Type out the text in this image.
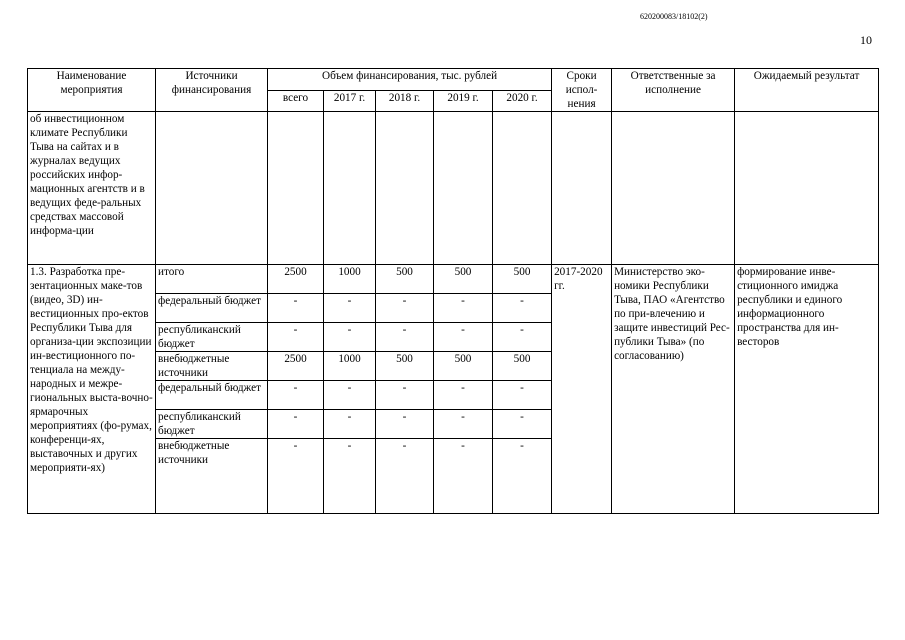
620200083/18102(2)
10
Наименование мероприятия	Источники финансирования	Объем финансирования, тыс. рублей					Сроки испол-нения	Ответственные за исполнение	Ожидаемый результат
		всего	2017 г.	2018 г.	2019 г.	2020 г.			
об инвестиционном климате Республики Тыва на сайтах и в журналах ведущих российских инфор-мационных агентств и в ведущих феде-ральных средствах массовой информа-ции									
1.3. Разработка пре-зентационных маке-тов (видео, 3D) ин-вестиционных про-ектов Республики Тыва для организа-ции экспозиции ин-вестиционного по-тенциала на между-народных и межре-гиональных выста-вочно-ярмарочных мероприятиях (фо-румах, конференци-ях, выставочных и других мероприяти-ях)	итого	2500	1000	500	500	500	2017-2020 гг.	Министерство эко-номики Республики Тыва, ПАО «Агентство по при-влечению и защите инвестиций Рес-публики Тыва» (по согласованию)	формирование инве-стиционного имиджа республики и единого информационного пространства для ин-весторов
	федеральный бюджет	-	-	-	-	-			
	республиканский бюджет	-	-	-	-	-			
	внебюджетные источники	2500	1000	500	500	500			
	федеральный бюджет	-	-	-	-	-			
	республиканский бюджет	-	-	-	-	-			
	внебюджетные источники	-	-	-	-	-			
